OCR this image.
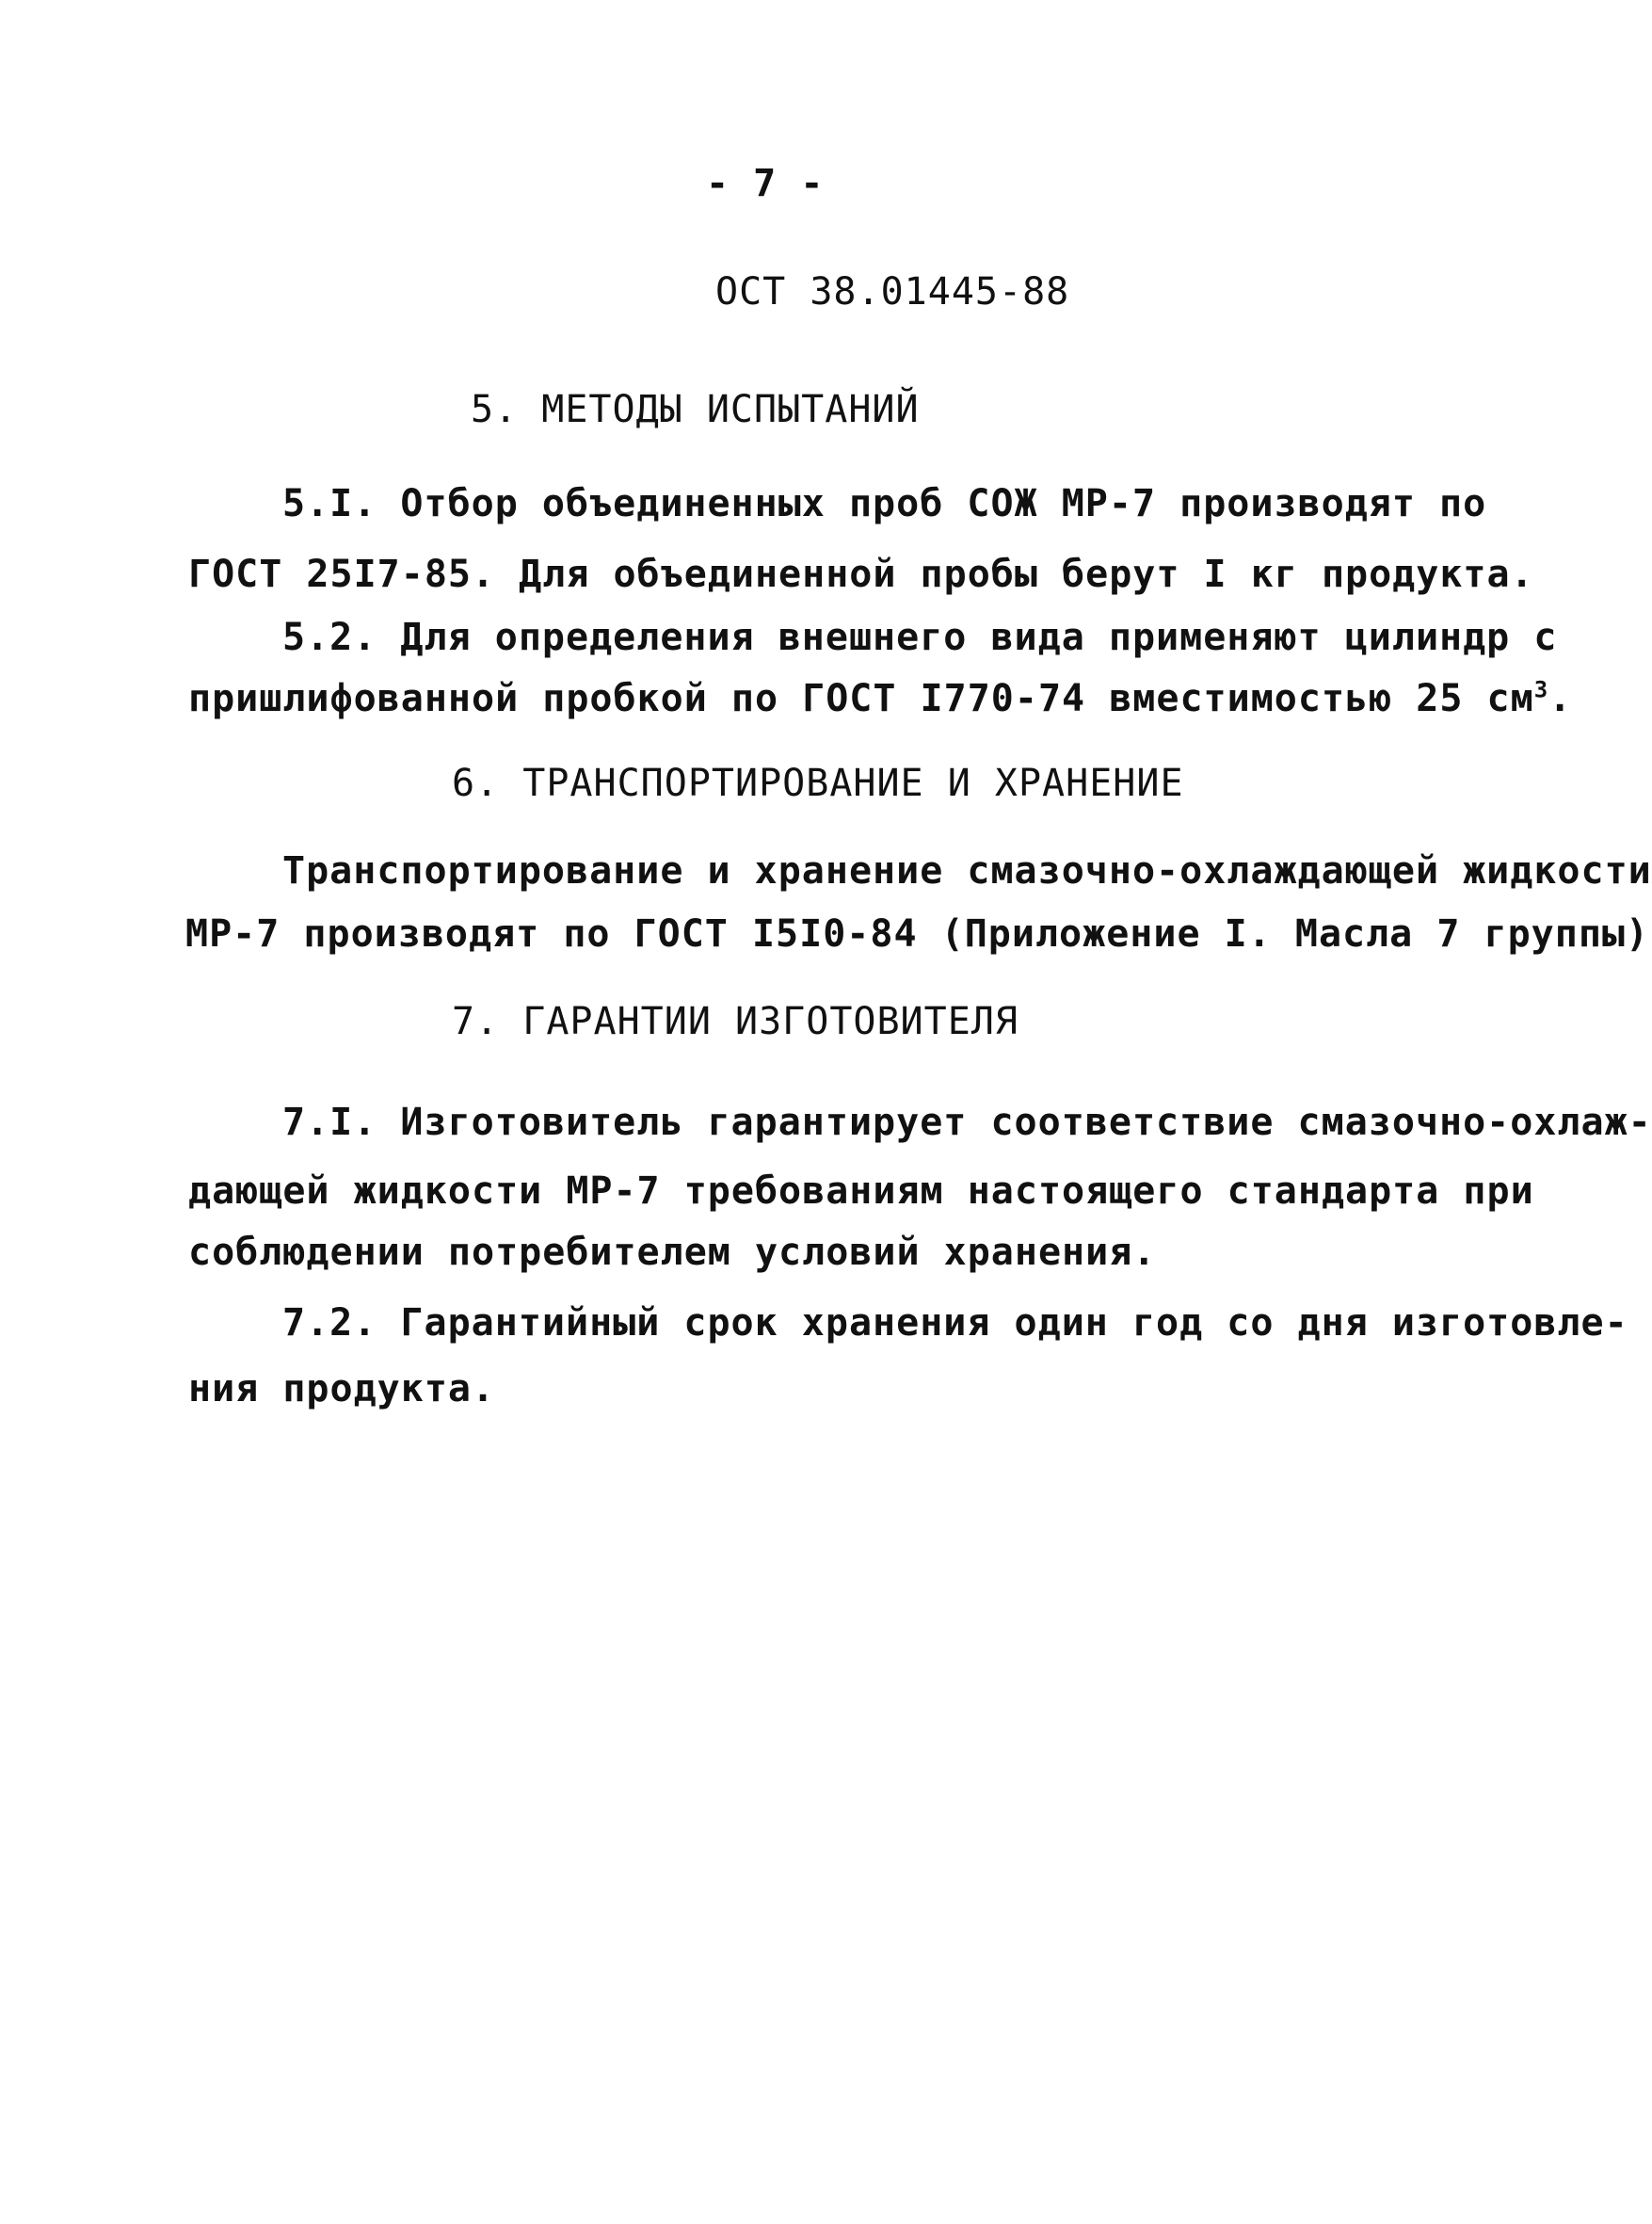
- 7 -
ОСТ 38.01445-88
5. МЕТОДЫ ИСПЫТАНИЙ
5.I. Отбор объединенных проб СОЖ МР-7 производят по
ГОСТ 25I7-85. Для объединенной пробы берут I кг продукта.
5.2. Для определения внешнего вида применяют цилиндр с
пришлифованной пробкой по ГОСТ I770-74 вместимостью 25 $см^3$.
6. ТРАНСПОРТИРОВАНИЕ И ХРАНЕНИЕ
Транспортирование и хранение смазочно-охлаждающей жидкости
МР-7 производят по ГОСТ I5I0-84 (Приложение I. Масла 7 группы)
7. ГАРАНТИИ ИЗГОТОВИТЕЛЯ
7.I. Изготовитель гарантирует соответствие смазочно-охлаж-
дающей жидкости МР-7 требованиям настоящего стандарта при
соблюдении потребителем условий хранения.
7.2. Гарантийный срок хранения один год со дня изготовле-
ния продукта.
